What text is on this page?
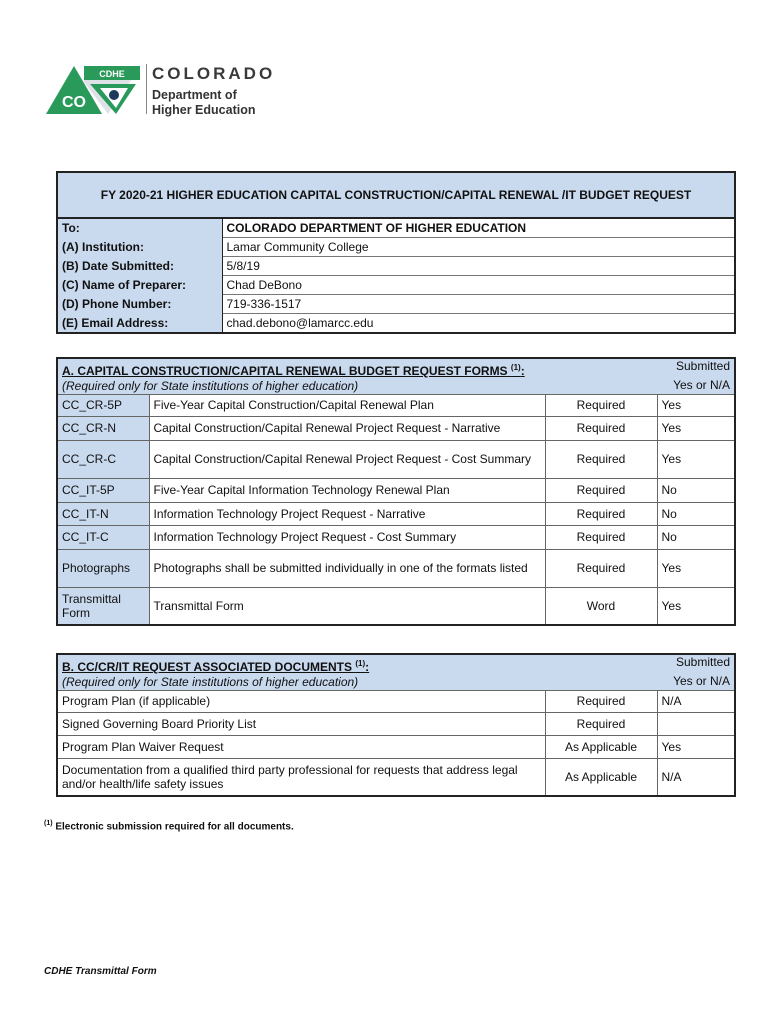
CO
CDHE COLORADO
Department of
Higher Education
FY 2020-21 HIGHER EDUCATION CAPITAL CONSTRUCTION/CAPITAL RENEWAL /IT BUDGET REQUEST	
To:	COLORADO DEPARTMENT OF HIGHER EDUCATION
(A) Institution:	Lamar Community College
(B) Date Submitted:	5/8/19
(C) Name of Preparer:	Chad DeBono
(D) Phone Number:	719-336-1517
(E) Email Address:	chad.debono@lamarcc.edu
A. CAPITAL CONSTRUCTION/CAPITAL RENEWAL BUDGET REQUEST FORMS $^{(1)}$:			Submitted
(Required only for State institutions of higher education)			Yes or N/A
CC_CR-5P	Five-Year Capital Construction/Capital Renewal Plan	Required	Yes
CC_CR-N	Capital Construction/Capital Renewal Project Request - Narrative	Required	Yes
CC_CR-C	Capital Construction/Capital Renewal Project Request - Cost Summary	Required	Yes
CC_IT-5P	Five-Year Capital Information Technology Renewal Plan	Required	No
CC_IT-N	Information Technology Project Request - Narrative	Required	No
CC_IT-C	Information Technology Project Request - Cost Summary	Required	No
Photographs	Photographs shall be submitted individually in one of the formats listed	Required	Yes
Transmittal Form	Transmittal Form	Word	Yes
B. CC/CR/IT REQUEST ASSOCIATED DOCUMENTS $^{(1)}$:		Submitted
(Required only for State institutions of higher education)		Yes or N/A
Program Plan (if applicable)	Required	N/A
Signed Governing Board Priority List	Required	
Program Plan Waiver Request	As Applicable	Yes
Documentation from a qualified third party professional for requests that address legal and/or health/life safety issues	As Applicable	N/A
$^{(1)}$ Electronic submission required for all documents.
CDHE Transmittal Form
